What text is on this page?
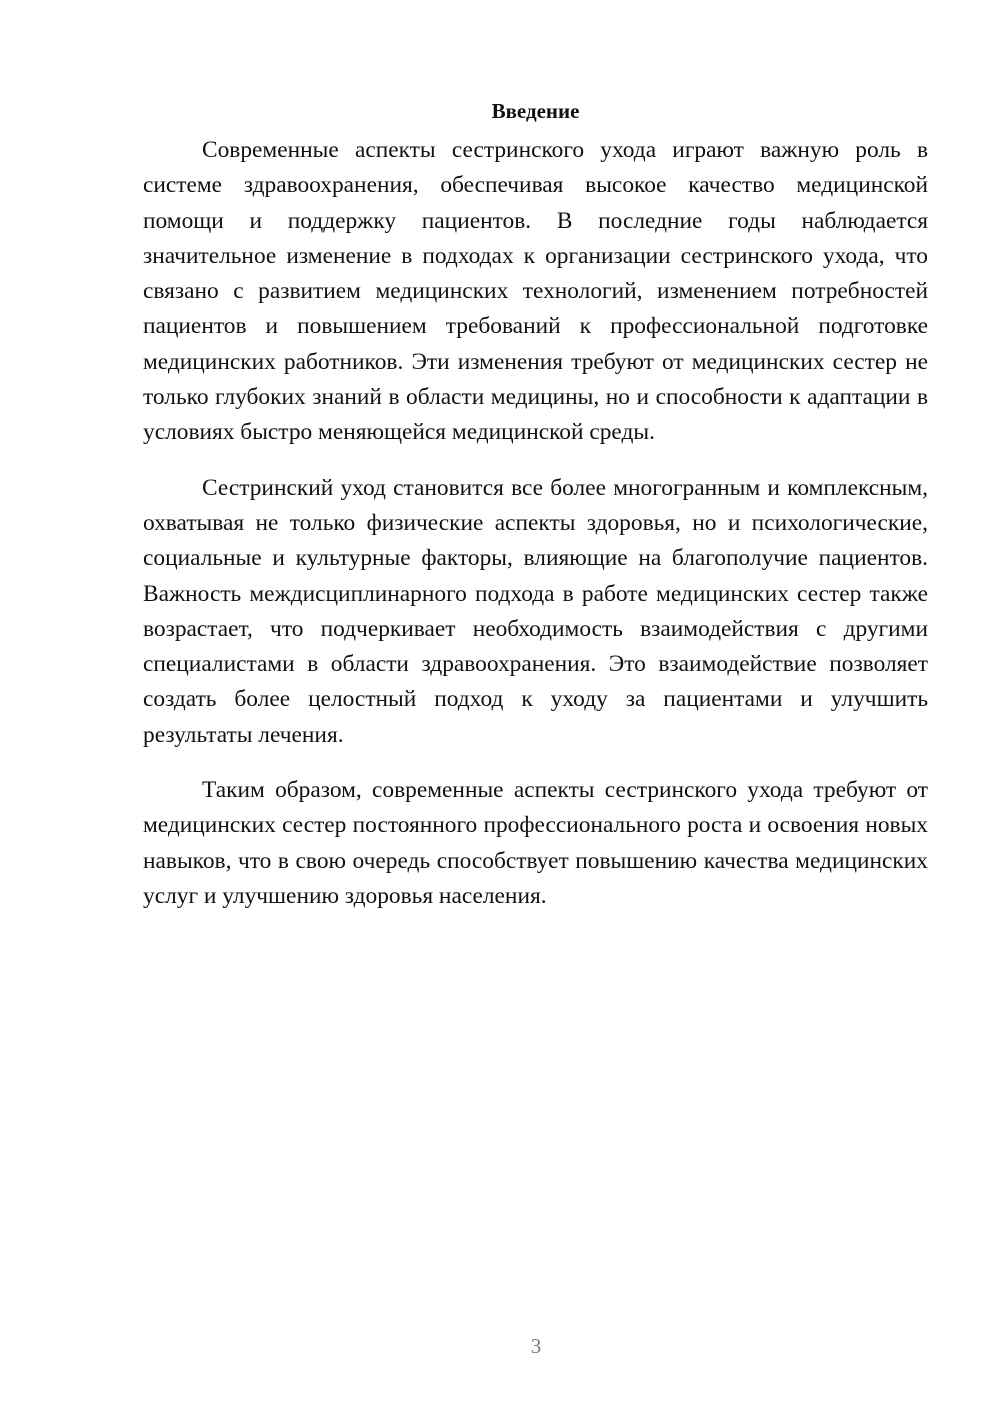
Введение

Современные аспекты сестринского ухода играют важную роль в системе здравоохранения, обеспечивая высокое качество медицинской помощи и поддержку пациентов. В последние годы наблюдается значительное изменение в подходах к организации сестринского ухода, что связано с развитием медицинских технологий, изменением потребностей пациентов и повышением требований к профессиональной подготовке медицинских работников. Эти изменения требуют от медицинских сестер не только глубоких знаний в области медицины, но и способности к адаптации в условиях быстро меняющейся медицинской среды.

Сестринский уход становится все более многогранным и комплексным, охватывая не только физические аспекты здоровья, но и психологические, социальные и культурные факторы, влияющие на благополучие пациентов. Важность междисциплинарного подхода в работе медицинских сестер также возрастает, что подчеркивает необходимость взаимодействия с другими специалистами в области здравоохранения. Это взаимодействие позволяет создать более целостный подход к уходу за пациентами и улучшить результаты лечения.

Таким образом, современные аспекты сестринского ухода требуют от медицинских сестер постоянного профессионального роста и освоения новых навыков, что в свою очередь способствует повышению качества медицинских услуг и улучшению здоровья населения.

3
